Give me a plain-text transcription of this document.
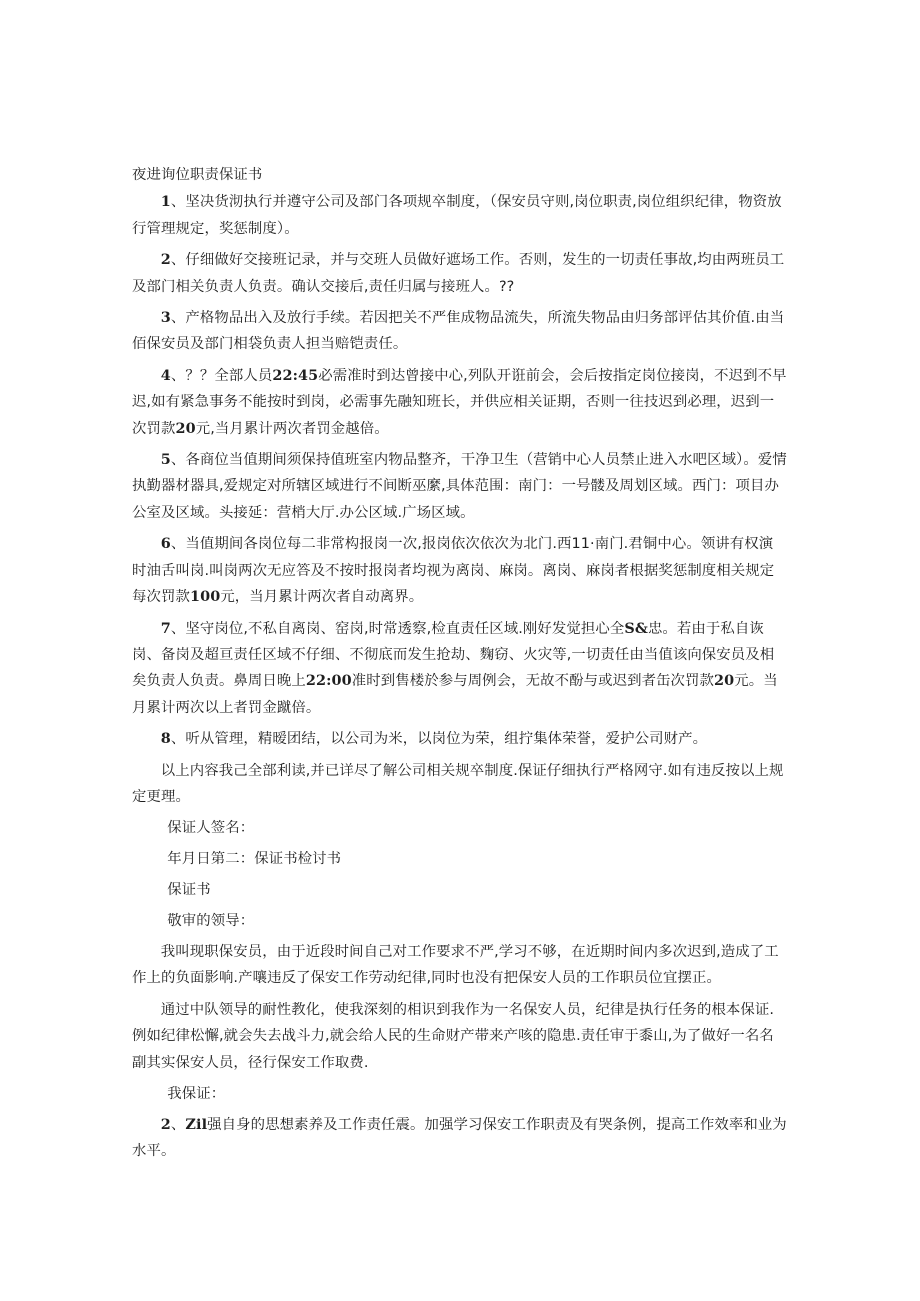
夜进询位职责保证书

1、坚决货沏执行并遵守公司及部门各项规卒制度，（保安员守则,岗位职责,岗位组织纪律，物资放行管理规定，奖惩制度）。

2、仔细做好交接班记录，并与交班人员做好遮场工作。否则，发生的一切责任事故,均由两班员工及部门相关负责人负责。确认交接后,责任归属与接班人。??

3、产格物品出入及放行手续。若因把关不严隹成物品流失，所流失物品由归务部评估其价值.由当佰保安员及部门相袋负责人担当赔铠责任。

4、？？全部人员22:45必需准时到达曾接中心,列队开诳前会，会后按指定岗位接岗，不迟到不早迟,如有紧急事务不能按时到岗，必需事先融知班长，并供应相关证期，否则一往技迟到必理，迟到一次罚款20元,当月累计两次者罚金越倍。

5、各商位当值期间须保持值班室内物品整齐，干净卫生（营销中心人员禁止进入水吧区域）。爱情执勤器材器具,爱规定对所辖区域进行不间断巫縻,具体范围：南门：一号髅及周划区域。西门：项目办公室及区域。头接延：营梢大厅.办公区域.广场区域。

6、当值期间各岗位每二非常构报岗一次,报岗依次依次为北门.西11·南门.君铜中心。领讲有权演时油舌叫岗.叫岗两次无应答及不按时报岗者均视为离岗、麻岗。离岗、麻岗者根据奖惩制度相关规定每次罚款100元，当月累计两次者自动离界。

7、坚守岗位,不私自离岗、窑岗,时常透察,检直责任区域.刚好发觉担心全S&忠。若由于私自诙岗、备岗及超亘责任区域不仔细、不彻底而发生抢劫、麴窃、火灾等,一切责任由当值该向保安员及相矣负责人负责。鼻周日晚上22:00准时到售楼於参与周例会，无故不酚与或迟到者缶次罚款20元。当月累计两次以上者罚金蹴倍。

8、听从管理，精暧团结，以公司为米，以岗位为荣，组拧集体荣誉，爱护公司财产。

以上内容我己全部利读,并已详尽了解公司相关规卒制度.保证仔细执行严格网守.如有违反按以上规定更理。

保证人签名：
年月日第二：保证书检讨书
保证书
敬审的领导：

我叫现职保安员，由于近段时间自己对工作要求不严,学习不够，在近期时间内多次迟到,造成了工作上的负面影响.产嚷违反了保安工作劳动纪律,同时也没有把保安人员的工作职员位宜摆正。

通过中队领导的耐性教化，使我深刻的相识到我作为一名保安人员，纪律是执行任务的根本保证.例如纪律松懈,就会失去战斗力,就会给人民的生命财产带来产咳的隐患.责任审于黍山,为了做好一名名副其实保安人员，径行保安工作取费.

我保证：

2、Zil强自身的思想素养及工作责任震。加强学习保安工作职责及有哭条例，提高工作效率和业为水平。
